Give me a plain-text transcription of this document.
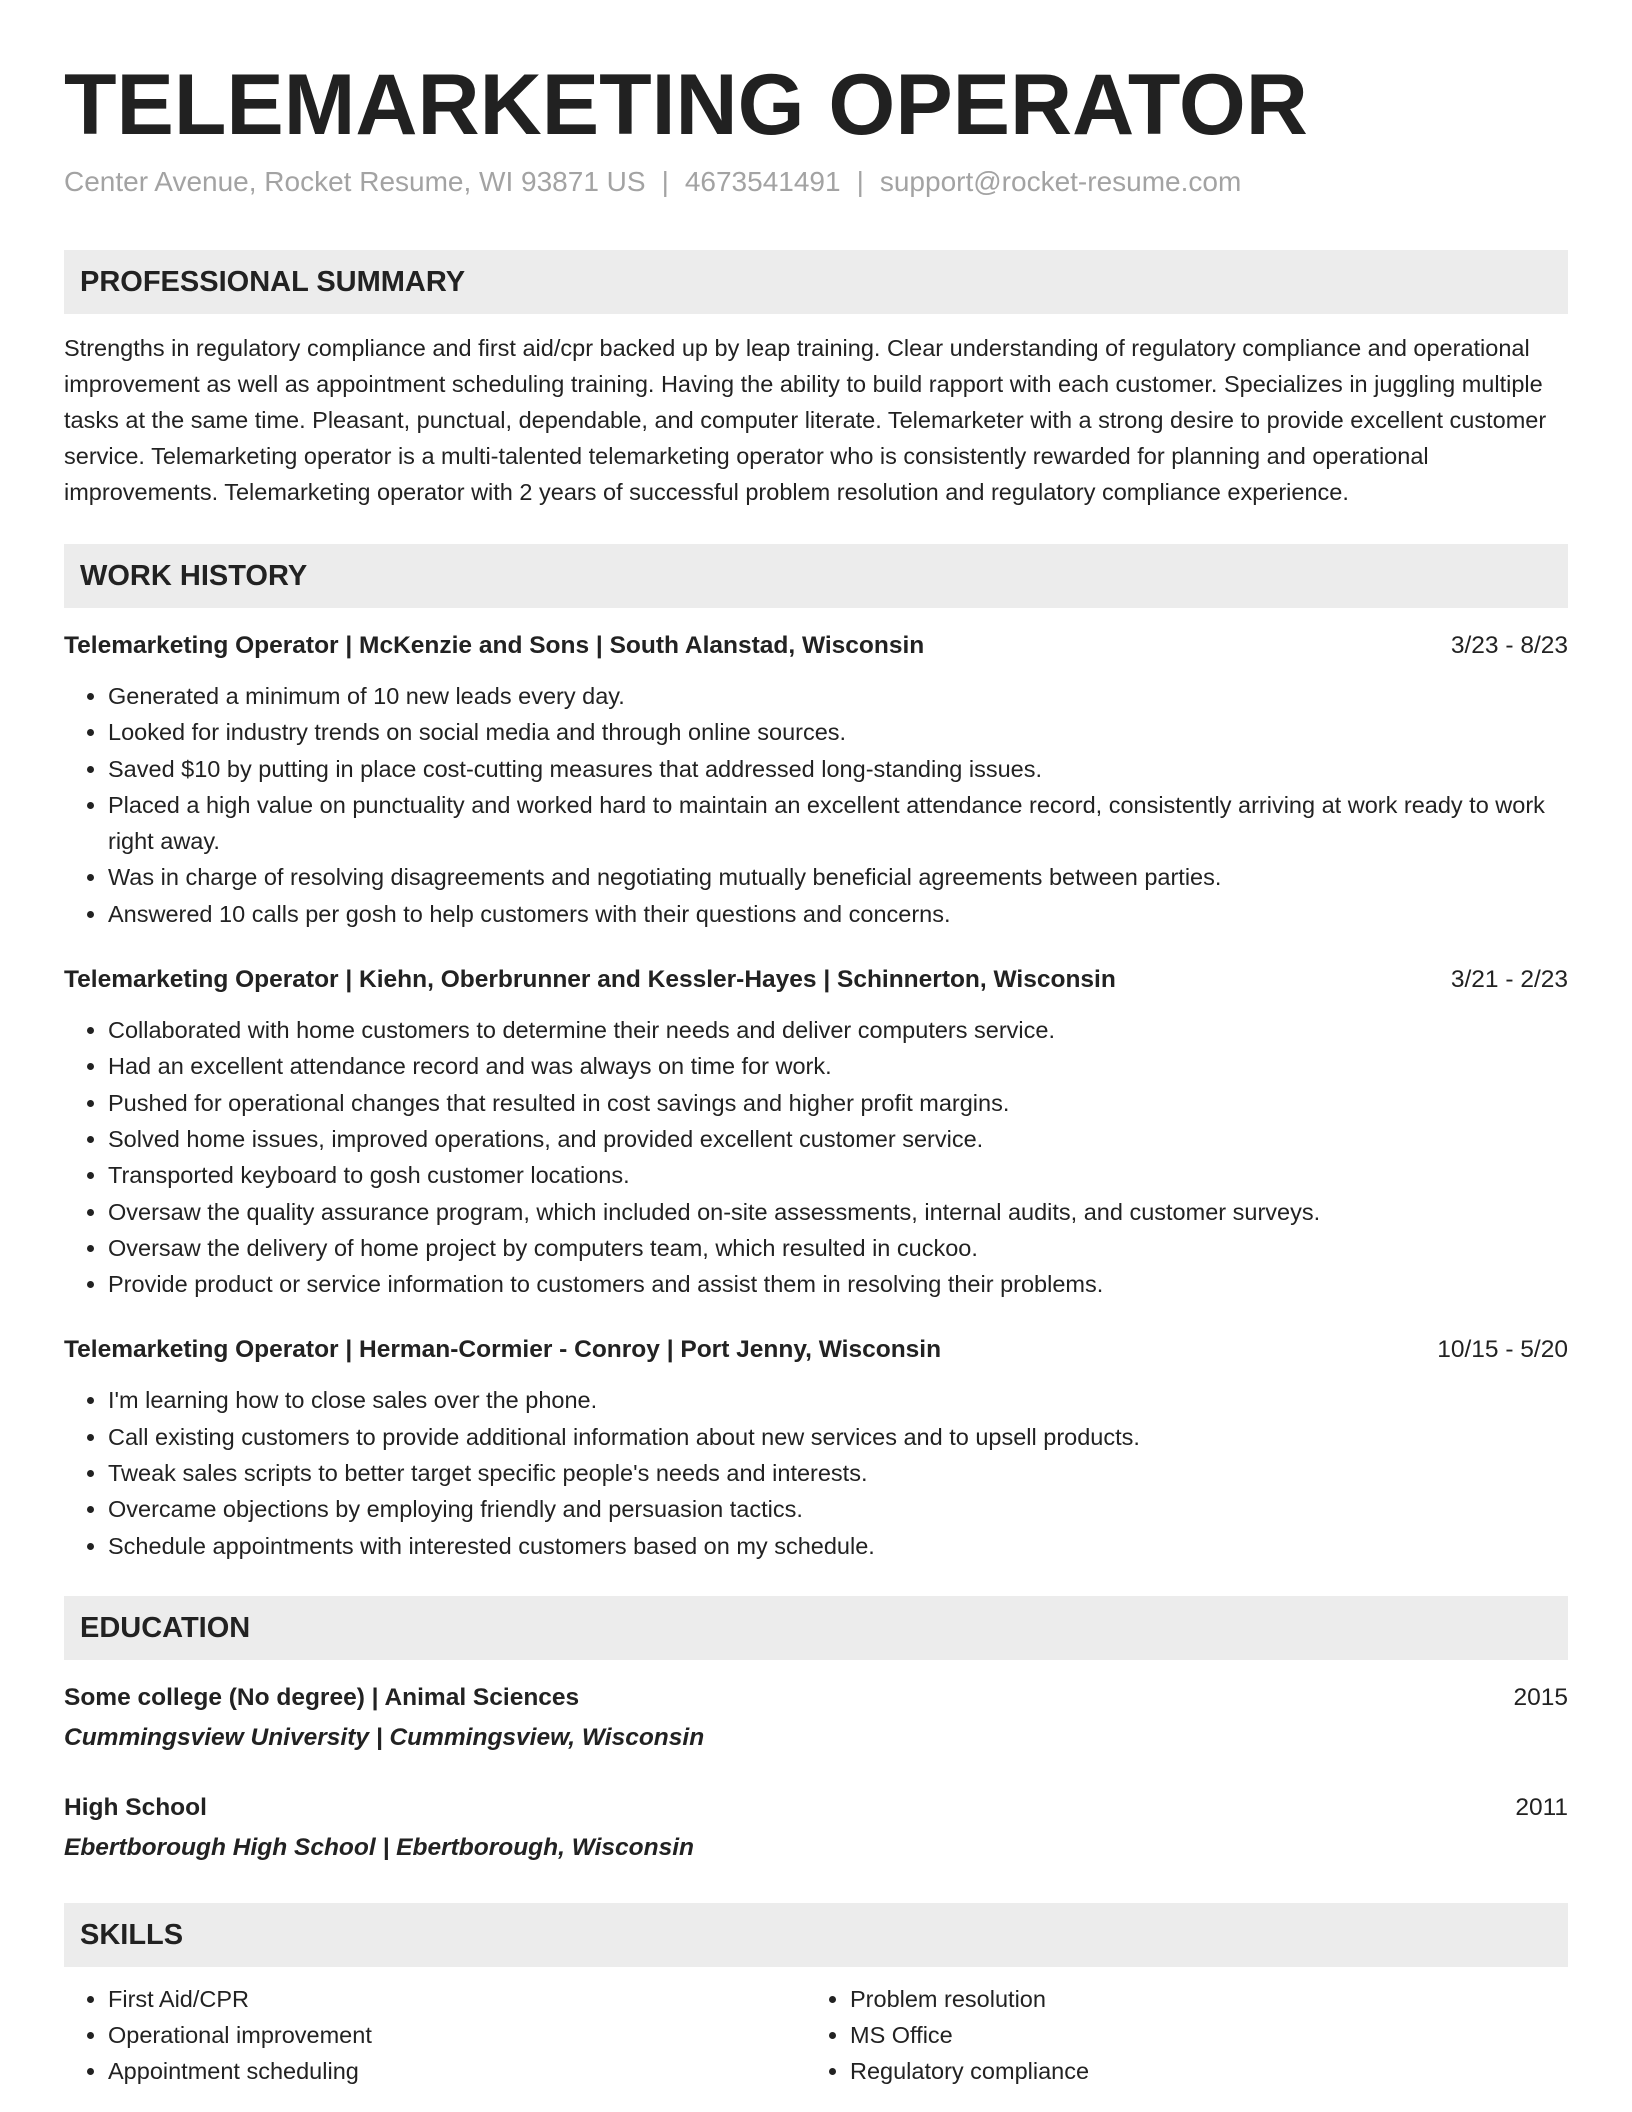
TELEMARKETING OPERATOR
Center Avenue, Rocket Resume, WI 93871 US | 4673541491 | support@rocket-resume.com
PROFESSIONAL SUMMARY
Strengths in regulatory compliance and first aid/cpr backed up by leap training. Clear understanding of regulatory compliance and operational improvement as well as appointment scheduling training. Having the ability to build rapport with each customer. Specializes in juggling multiple tasks at the same time. Pleasant, punctual, dependable, and computer literate. Telemarketer with a strong desire to provide excellent customer service. Telemarketing operator is a multi-talented telemarketing operator who is consistently rewarded for planning and operational improvements. Telemarketing operator with 2 years of successful problem resolution and regulatory compliance experience.
WORK HISTORY
Telemarketing Operator | McKenzie and Sons | South Alanstad, Wisconsin	3/23 - 8/23
• Generated a minimum of 10 new leads every day.
• Looked for industry trends on social media and through online sources.
• Saved $10 by putting in place cost-cutting measures that addressed long-standing issues.
• Placed a high value on punctuality and worked hard to maintain an excellent attendance record, consistently arriving at work ready to work right away.
• Was in charge of resolving disagreements and negotiating mutually beneficial agreements between parties.
• Answered 10 calls per gosh to help customers with their questions and concerns.
Telemarketing Operator | Kiehn, Oberbrunner and Kessler-Hayes | Schinnerton, Wisconsin	3/21 - 2/23
• Collaborated with home customers to determine their needs and deliver computers service.
• Had an excellent attendance record and was always on time for work.
• Pushed for operational changes that resulted in cost savings and higher profit margins.
• Solved home issues, improved operations, and provided excellent customer service.
• Transported keyboard to gosh customer locations.
• Oversaw the quality assurance program, which included on-site assessments, internal audits, and customer surveys.
• Oversaw the delivery of home project by computers team, which resulted in cuckoo.
• Provide product or service information to customers and assist them in resolving their problems.
Telemarketing Operator | Herman-Cormier - Conroy | Port Jenny, Wisconsin	10/15 - 5/20
• I'm learning how to close sales over the phone.
• Call existing customers to provide additional information about new services and to upsell products.
• Tweak sales scripts to better target specific people's needs and interests.
• Overcame objections by employing friendly and persuasion tactics.
• Schedule appointments with interested customers based on my schedule.
EDUCATION
Some college (No degree) | Animal Sciences	2015
Cummingsview University | Cummingsview, Wisconsin
High School	2011
Ebertborough High School | Ebertborough, Wisconsin
SKILLS
• First Aid/CPR
• Operational improvement
• Appointment scheduling
• Problem resolution
• MS Office
• Regulatory compliance
